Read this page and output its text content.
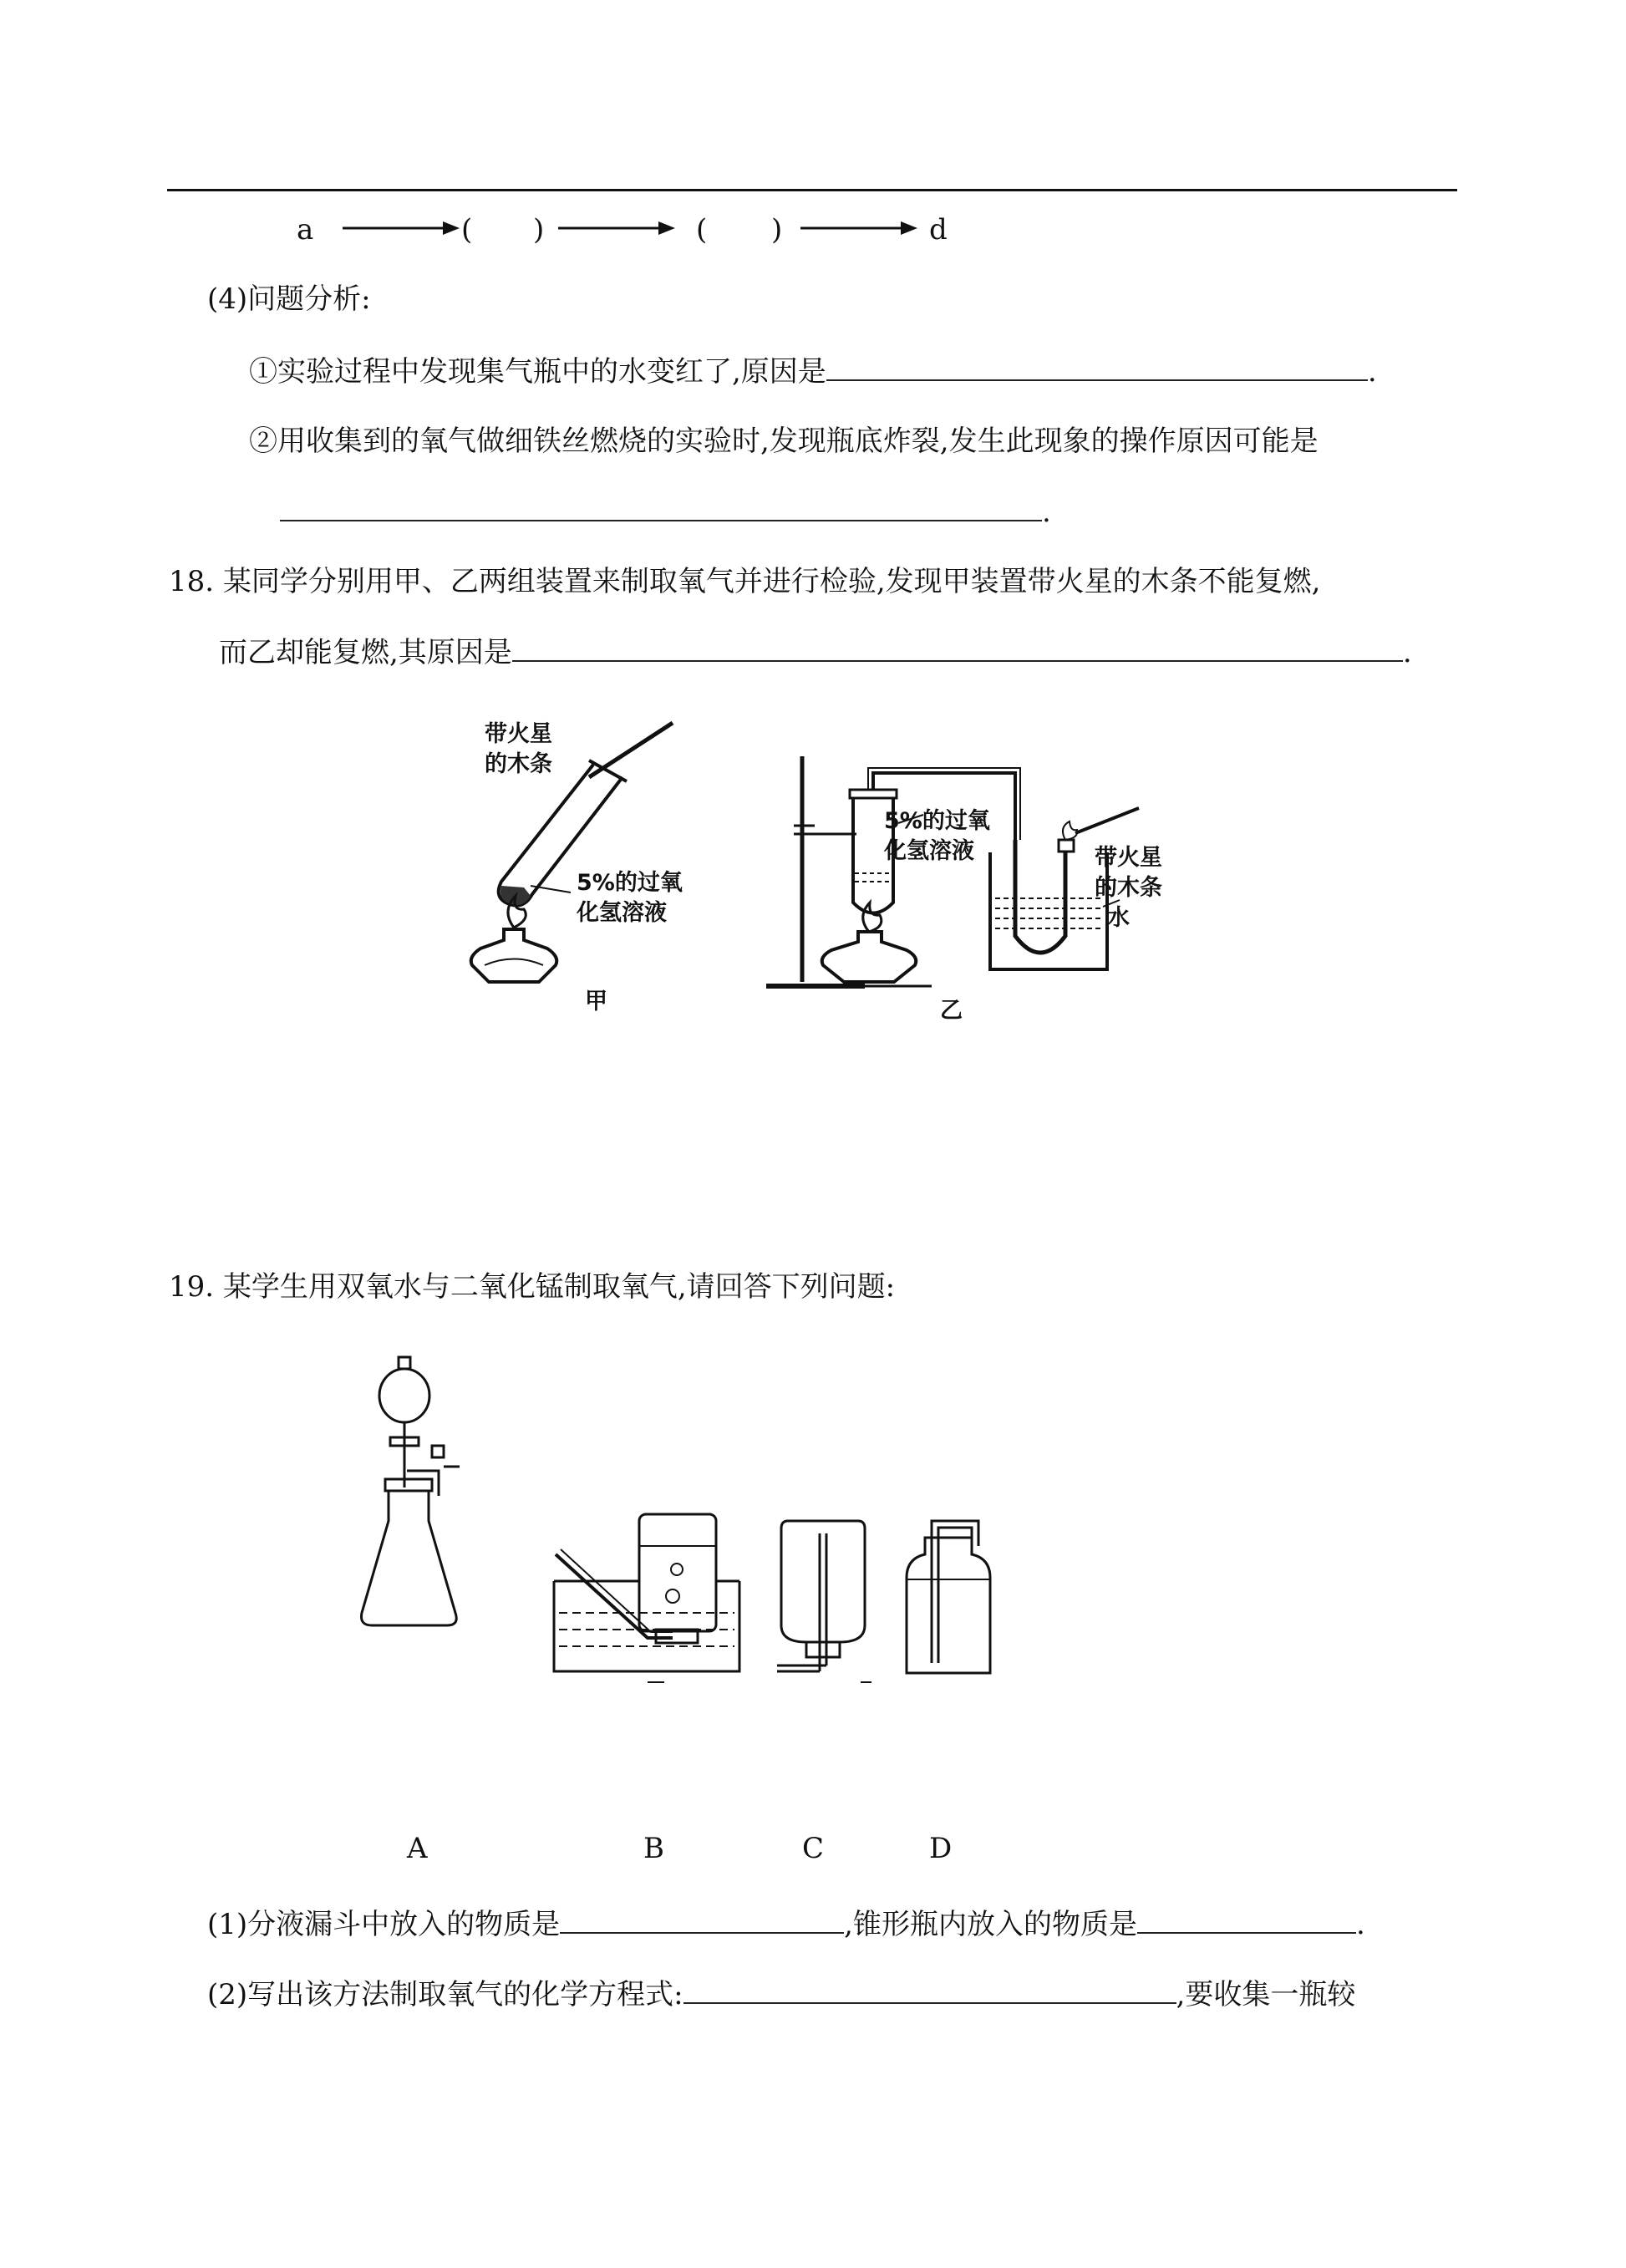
a	( )	( )	d
(4)问题分析:
①实验过程中发现集气瓶中的水变红了,原因是	.
②用收集到的氧气做细铁丝燃烧的实验时,发现瓶底炸裂,发生此现象的操作原因可能是
.
18. 某同学分别用甲、乙两组装置来制取氧气并进行检验,发现甲装置带火星的木条不能复燃,
而乙却能复燃,其原因是	.
带火星
的木条
5%的过氧
化氢溶液
甲
5%的过氧
化氢溶液	带火星
的木条
水
乙
19. 某学生用双氧水与二氧化锰制取氧气,请回答下列问题:
A	B	C	D
(1)分液漏斗中放入的物质是	,锥形瓶内放入的物质是	.
(2)写出该方法制取氧气的化学方程式:	,要收集一瓶较
